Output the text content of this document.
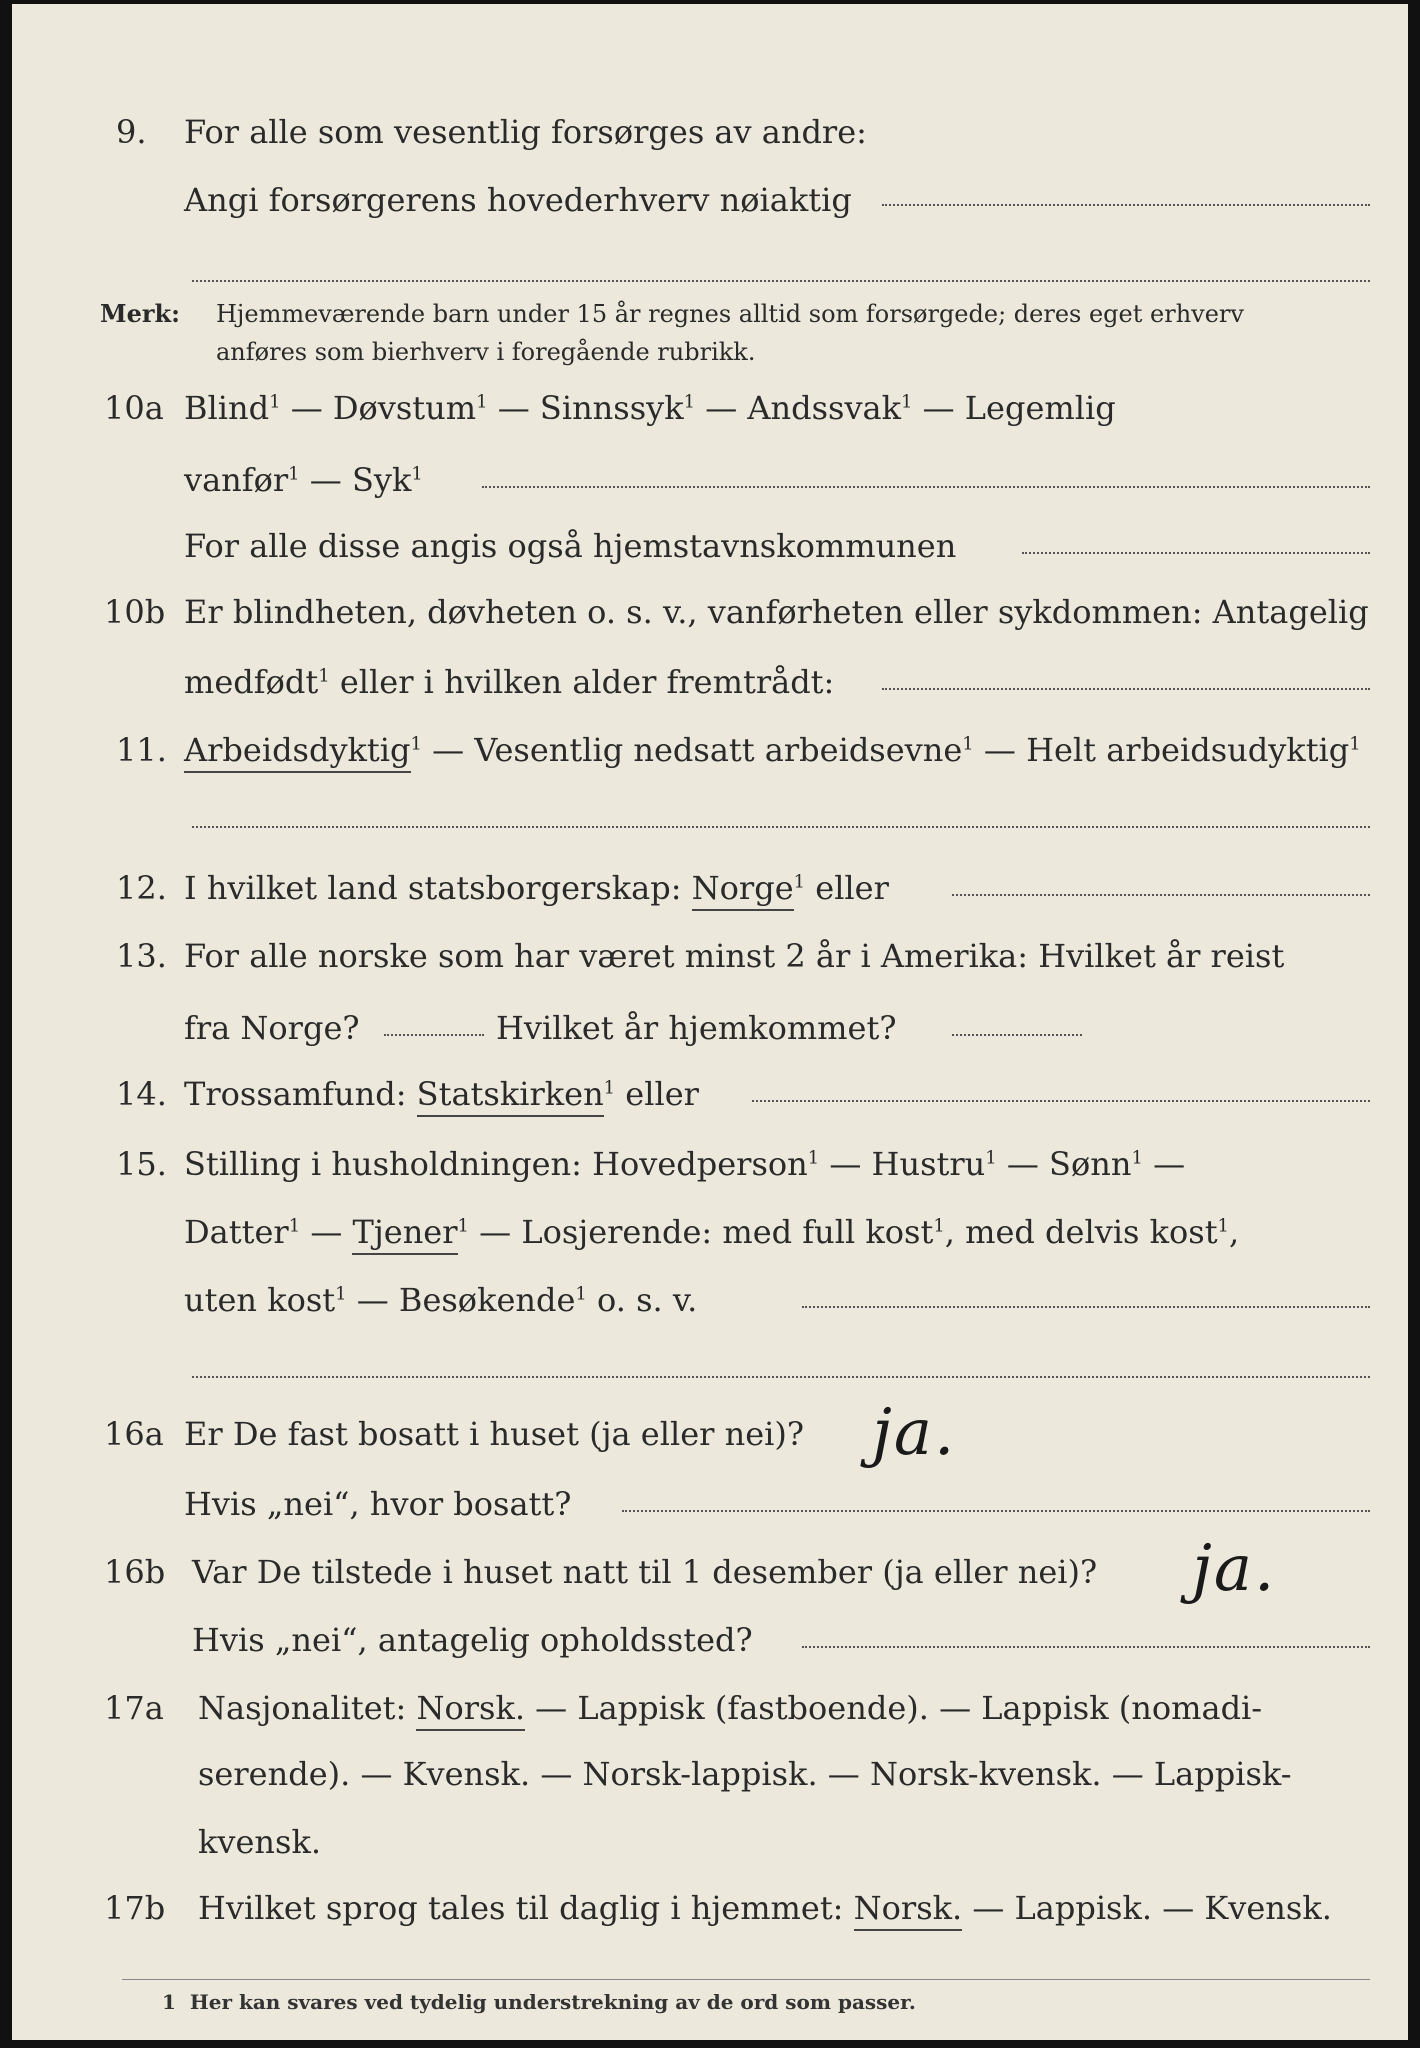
9.	For alle som vesentlig forsørges av andre:
Angi forsørgerens hovederhverv nøiaktig
Merk: Hjemmeværende barn under 15 år regnes alltid som forsørgede; deres eget erhverv
anføres som bierhverv i foregående rubrikk.
10a Blind$^1$ — Døvstum$^1$ — Sinnssyk$^1$ — Andssvak$^1$ — Legemlig
vanfør$^1$ — Syk$^1$
For alle disse angis også hjemstavnskommunen
10b Er blindheten, døvheten o. s. v., vanførheten eller sykdommen: Antagelig
medfødt$^1$ eller i hvilken alder fremtrådt:
11. Arbeidsdyktig$^1$ — Vesentlig nedsatt arbeidsevne$^1$ — Helt arbeidsudyktig$^1$
12. I hvilket land statsborgerskap: Norge$^1$ eller
13. For alle norske som har været minst 2 år i Amerika: Hvilket år reist
fra Norge?	Hvilket år hjemkommet?
14. Trossamfund: Statskirken$^1$ eller
15. Stilling i husholdningen: Hovedperson$^1$ — Hustru$^1$ — Sønn$^1$ —
Datter$^1$ — Tjener$^1$ — Losjerende: med full kost$^1$, med delvis kost$^1$,
uten kost$^1$ — Besøkende$^1$ o. s. v.
16a Er De fast bosatt i huset (ja eller nei)? ja.
Hvis „nei“, hvor bosatt?
16b Var De tilstede i huset natt til 1 desember (ja eller nei)? ja.
Hvis „nei“, antagelig opholdssted?
17a	Nasjonalitet: Norsk. — Lappisk (fastboende). — Lappisk (nomadi-
serende). — Kvensk. — Norsk-lappisk. — Norsk-kvensk. — Lappisk-
kvensk.
17b	Hvilket sprog tales til daglig i hjemmet: Norsk. — Lappisk. — Kvensk.
1 Her kan svares ved tydelig understrekning av de ord som passer.
